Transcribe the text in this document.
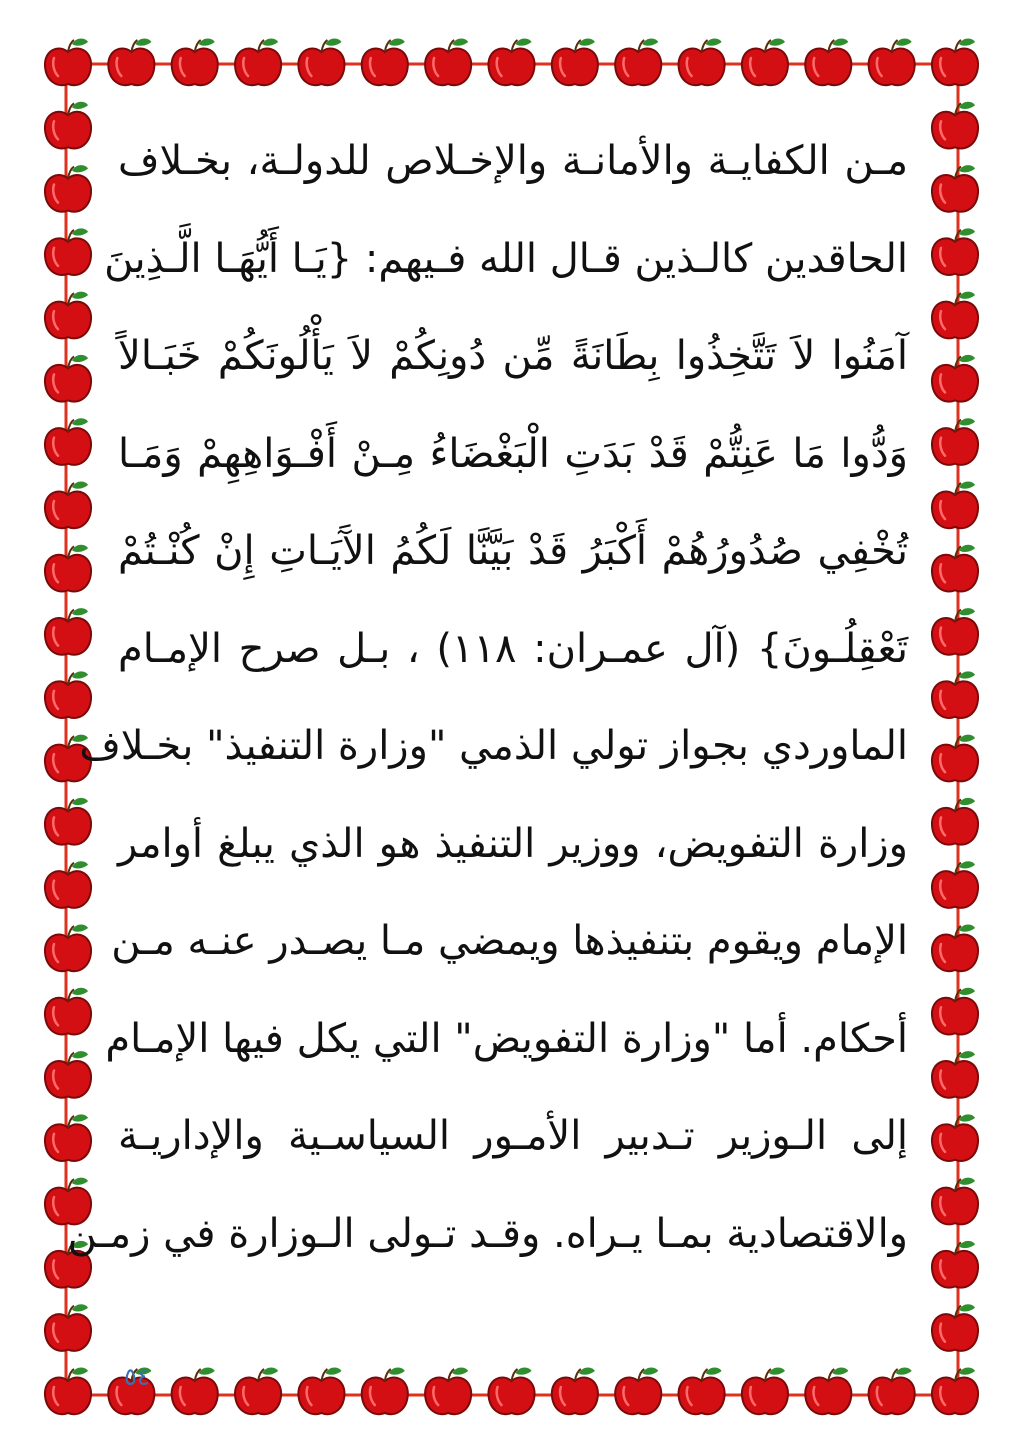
مـن الكفايـة والأمانـة والإخـلاص للدولـة، بخـلاف
الحاقدين كالـذين قـال الله فـيهم: {يَـا أَيُّهَـا الَّـذِينَ
آمَنُوا لاَ تَتَّخِذُوا بِطَانَةً مِّن دُونِكُمْ لاَ يَأْلُونَكُمْ خَبَـالاً
وَدُّوا مَا عَنِتُّمْ قَدْ بَدَتِ الْبَغْضَاءُ مِـنْ أَفْـوَاهِهِمْ وَمَـا
تُخْفِي صُدُورُهُمْ أَكْبَرُ قَدْ بَيَّنَّا لَكُمُ الآَيَـاتِ إِنْ كُنْـتُمْ
تَعْقِلُـونَ} (آل عمـران: ١١٨) ، بـل صرح الإمـام
الماوردي بجواز تولي الذمي "وزارة التنفيذ" بخـلاف
وزارة التفويض، ووزير التنفيذ هو الذي يبلغ أوامر
الإمام ويقوم بتنفيذها ويمضي مـا يصـدر عنـه مـن
أحكام. أما "وزارة التفويض" التي يكل فيها الإمـام
إلى الـوزير تـدبير الأمـور السياسـية والإداريـة
والاقتصادية بمـا يـراه. وقـد تـولى الـوزارة في زمـن
٥٤
